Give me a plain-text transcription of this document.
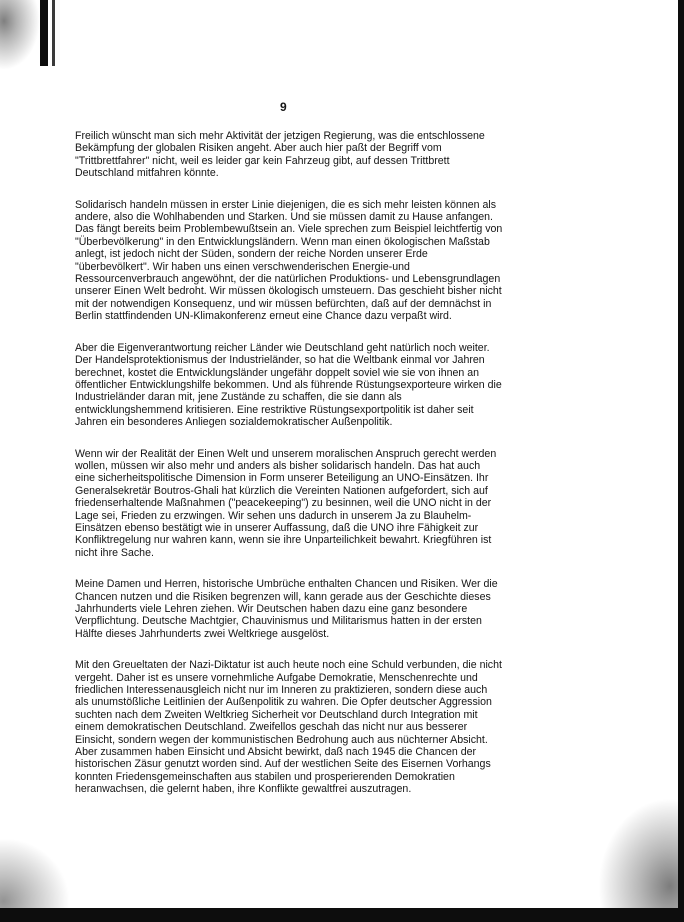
9

Freilich wünscht man sich mehr Aktivität der jetzigen Regierung, was die entschlossene Bekämpfung der globalen Risiken angeht. Aber auch hier paßt der Begriff vom "Trittbrettfahrer" nicht, weil es leider gar kein Fahrzeug gibt, auf dessen Trittbrett Deutschland mitfahren könnte.

Solidarisch handeln müssen in erster Linie diejenigen, die es sich mehr leisten können als andere, also die Wohlhabenden und Starken. Und sie müssen damit zu Hause anfangen. Das fängt bereits beim Problembewußtsein an. Viele sprechen zum Beispiel leichtfertig von "Überbevölkerung" in den Entwicklungsländern. Wenn man einen ökologischen Maßstab anlegt, ist jedoch nicht der Süden, sondern der reiche Norden unserer Erde "überbevölkert". Wir haben uns einen verschwenderischen Energie-und Ressourcenverbrauch angewöhnt, der die natürlichen Produktions- und Lebensgrundlagen unserer Einen Welt bedroht. Wir müssen ökologisch umsteuern. Das geschieht bisher nicht mit der notwendigen Konsequenz, und wir müssen befürchten, daß auf der demnächst in Berlin stattfindenden UN-Klimakonferenz erneut eine Chance dazu verpaßt wird.

Aber die Eigenverantwortung reicher Länder wie Deutschland geht natürlich noch weiter. Der Handelsprotektionismus der Industrieländer, so hat die Weltbank einmal vor Jahren berechnet, kostet die Entwicklungsländer ungefähr doppelt soviel wie sie von ihnen an öffentlicher Entwicklungshilfe bekommen. Und als führende Rüstungsexporteure wirken die Industrieländer daran mit, jene Zustände zu schaffen, die sie dann als entwicklungshemmend kritisieren. Eine restriktive Rüstungsexportpolitik ist daher seit Jahren ein besonderes Anliegen sozialdemokratischer Außenpolitik.

Wenn wir der Realität der Einen Welt und unserem moralischen Anspruch gerecht werden wollen, müssen wir also mehr und anders als bisher solidarisch handeln. Das hat auch eine sicherheitspolitische Dimension in Form unserer Beteiligung an UNO-Einsätzen. Ihr Generalsekretär Boutros-Ghali hat kürzlich die Vereinten Nationen aufgefordert, sich auf friedenserhaltende Maßnahmen ("peacekeeping") zu besinnen, weil die UNO nicht in der Lage sei, Frieden zu erzwingen. Wir sehen uns dadurch in unserem Ja zu Blauhelm-Einsätzen ebenso bestätigt wie in unserer Auffassung, daß die UNO ihre Fähigkeit zur Konfliktregelung nur wahren kann, wenn sie ihre Unparteilichkeit bewahrt. Kriegführen ist nicht ihre Sache.

Meine Damen und Herren, historische Umbrüche enthalten Chancen und Risiken. Wer die Chancen nutzen und die Risiken begrenzen will, kann gerade aus der Geschichte dieses Jahrhunderts viele Lehren ziehen. Wir Deutschen haben dazu eine ganz besondere Verpflichtung. Deutsche Machtgier, Chauvinismus und Militarismus hatten in der ersten Hälfte dieses Jahrhunderts zwei Weltkriege ausgelöst.

Mit den Greueltaten der Nazi-Diktatur ist auch heute noch eine Schuld verbunden, die nicht vergeht. Daher ist es unsere vornehmliche Aufgabe Demokratie, Menschenrechte und friedlichen Interessenausgleich nicht nur im Inneren zu praktizieren, sondern diese auch als unumstößliche Leitlinien der Außenpolitik zu wahren. Die Opfer deutscher Aggression suchten nach dem Zweiten Weltkrieg Sicherheit vor Deutschland durch Integration mit einem demokratischen Deutschland. Zweifellos geschah das nicht nur aus besserer Einsicht, sondern wegen der kommunistischen Bedrohung auch aus nüchterner Absicht. Aber zusammen haben Einsicht und Absicht bewirkt, daß nach 1945 die Chancen der historischen Zäsur genutzt worden sind. Auf der westlichen Seite des Eisernen Vorhangs konnten Friedensgemeinschaften aus stabilen und prosperierenden Demokratien heranwachsen, die gelernt haben, ihre Konflikte gewaltfrei auszutragen.
